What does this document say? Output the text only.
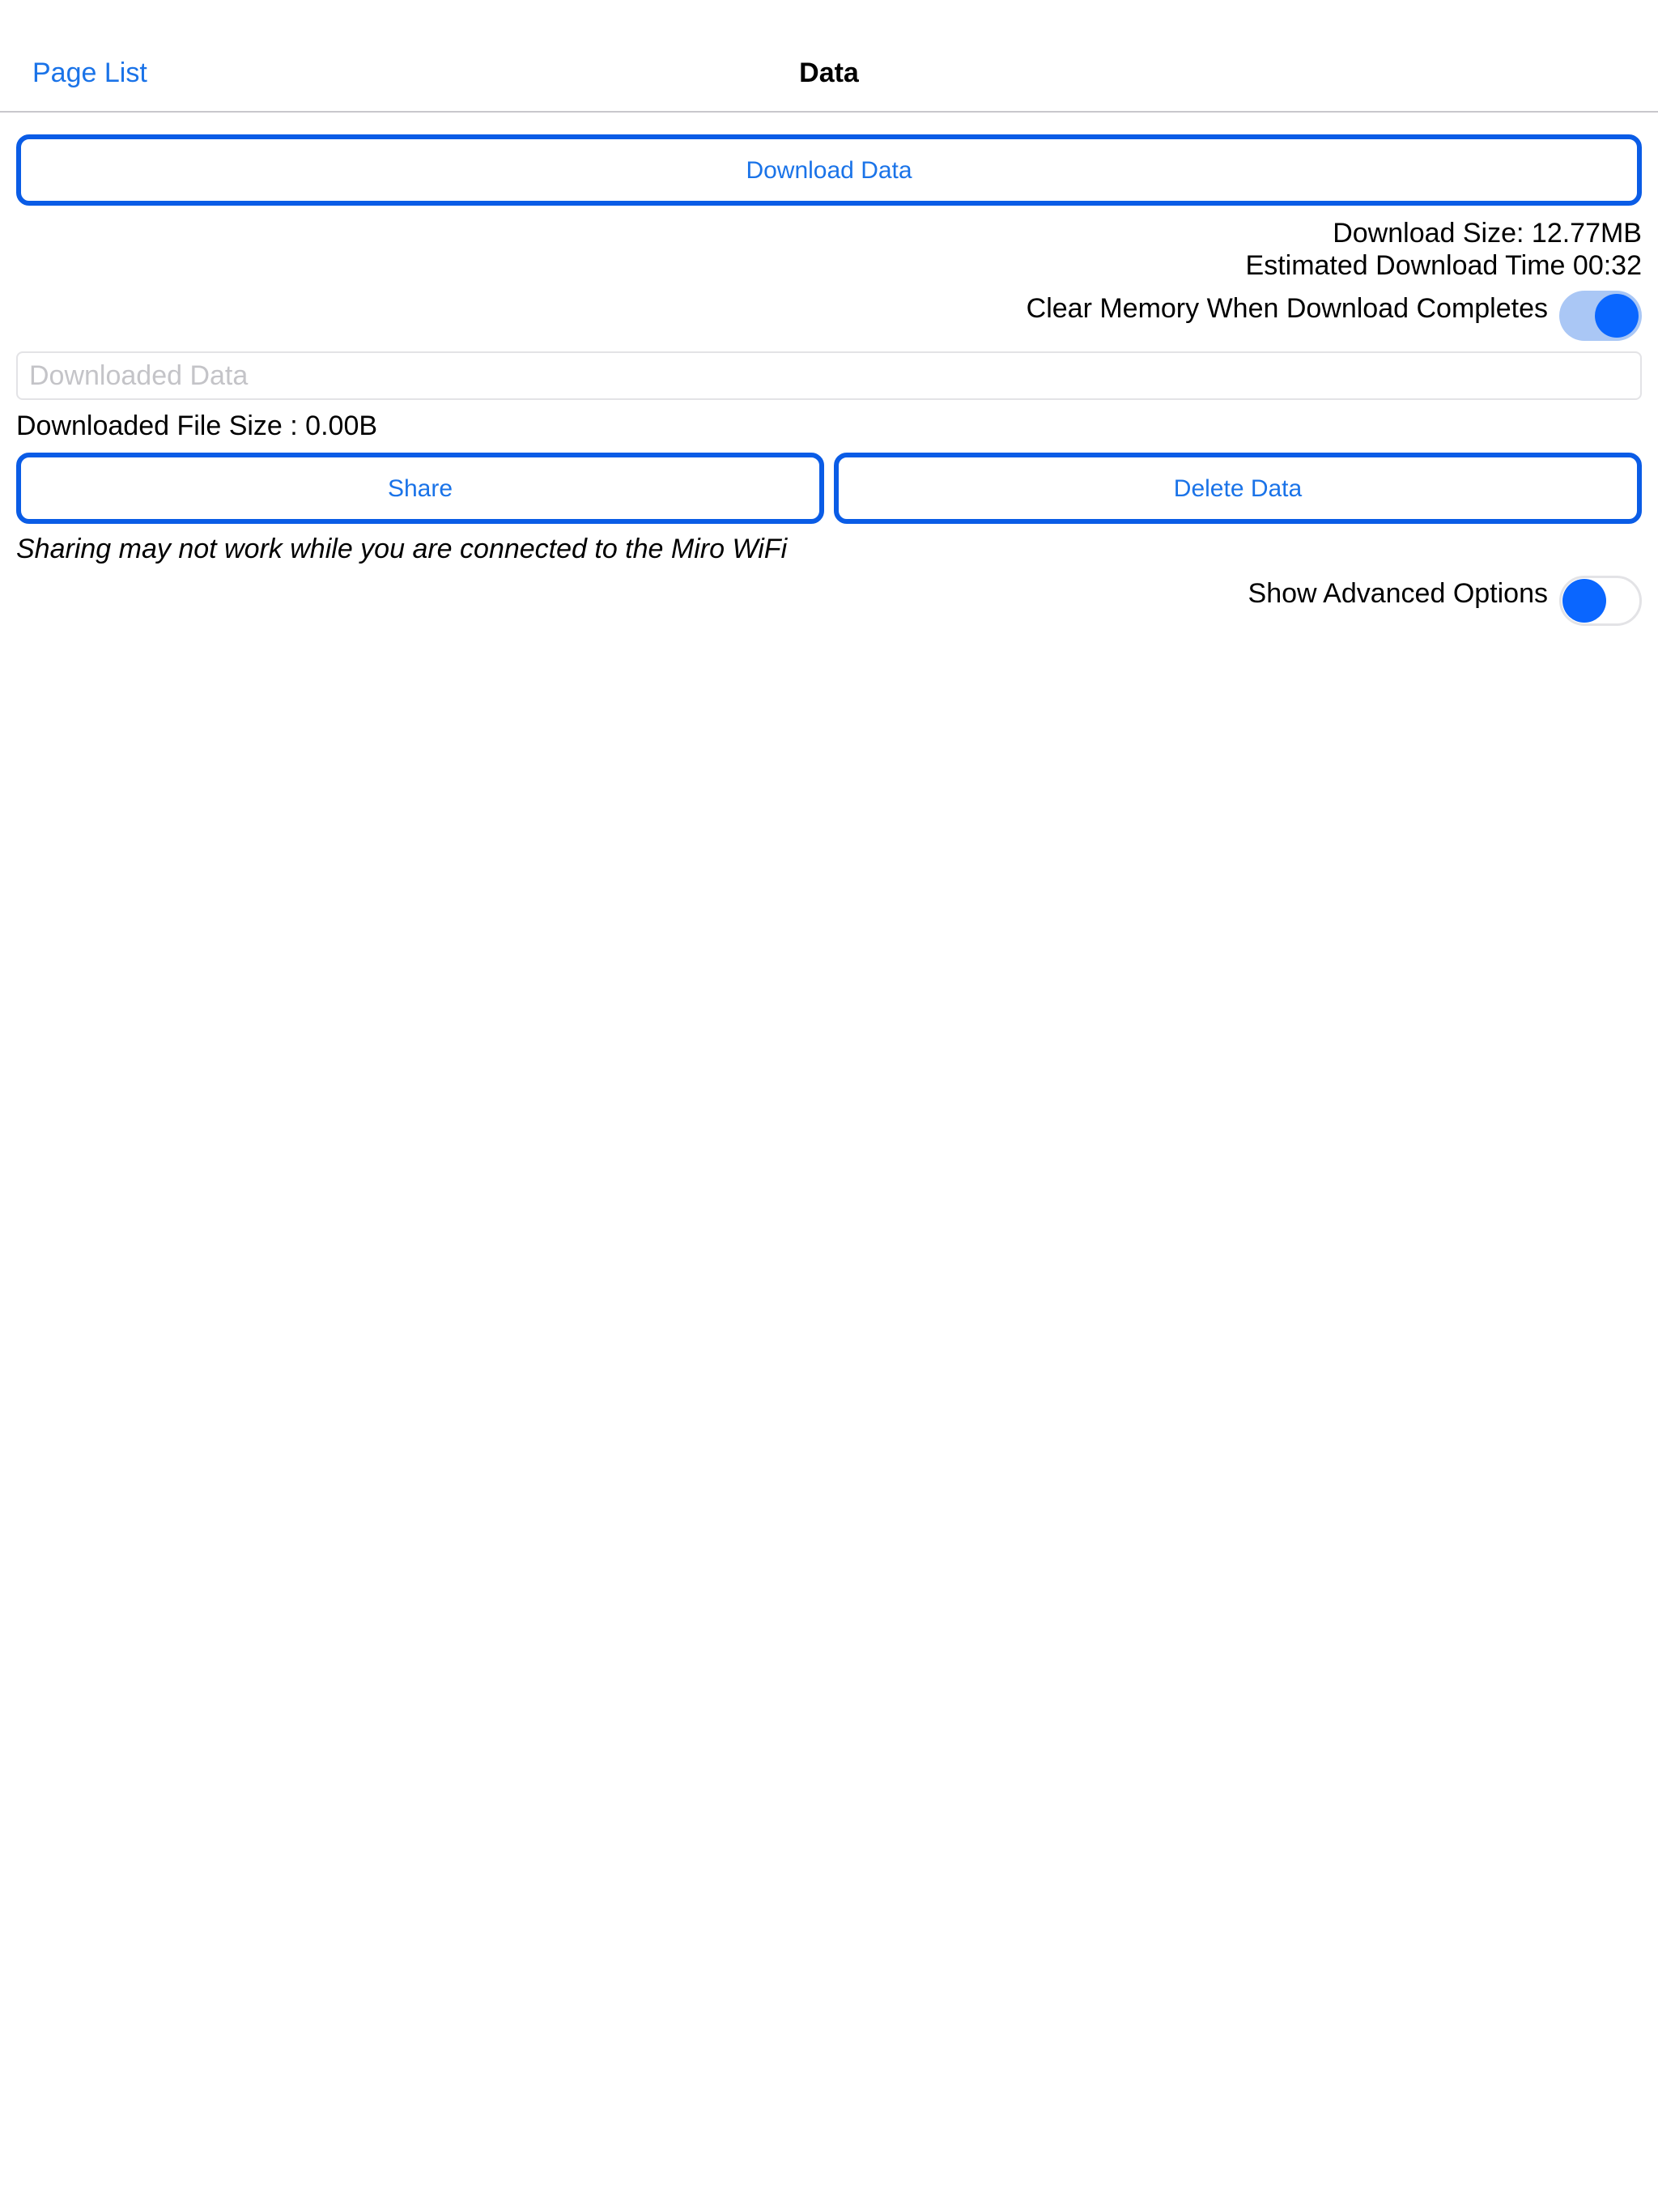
Page List	Data
Download Data
Download Size: 12.77MB
Estimated Download Time 00:32
Clear Memory When Download Completes
Downloaded Data
Downloaded File Size : 0.00B
Share	Delete Data
Sharing may not work while you are connected to the Miro WiFi
Show Advanced Options
